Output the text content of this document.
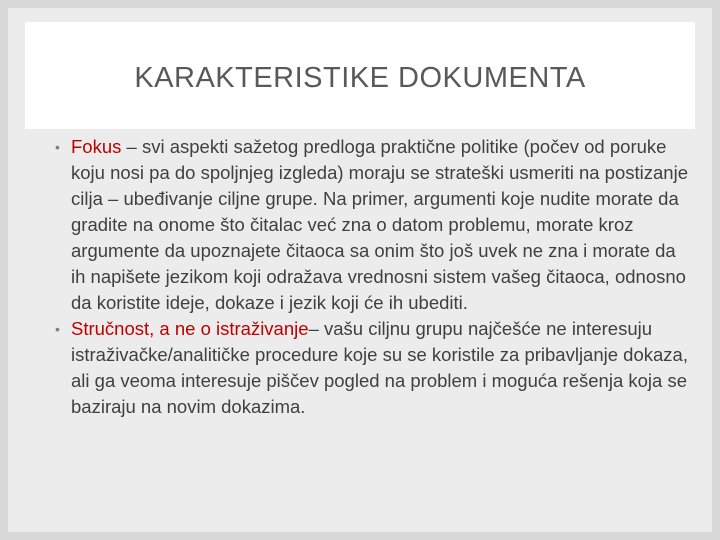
KARAKTERISTIKE DOKUMENTA

• Fokus – svi aspekti sažetog predloga praktične politike (počev od poruke koju nosi pa do spoljnjeg izgleda) moraju se strateški usmeriti na postizanje cilja – ubeđivanje ciljne grupe. Na primer, argumenti koje nudite morate da gradite na onome što čitalac već zna o datom problemu, morate kroz argumente da upoznajete čitaoca sa onim što još uvek ne zna i morate da ih napišete jezikom koji odražava vrednosni sistem vašeg čitaoca, odnosno da koristite ideje, dokaze i jezik koji će ih ubediti.

• Stručnost, a ne o istraživanje– vašu ciljnu grupu najčešće ne interesuju istraživačke/analitičke procedure koje su se koristile za pribavljanje dokaza, ali ga veoma interesuje piščev pogled na problem i moguća rešenja koja se baziraju na novim dokazima.
